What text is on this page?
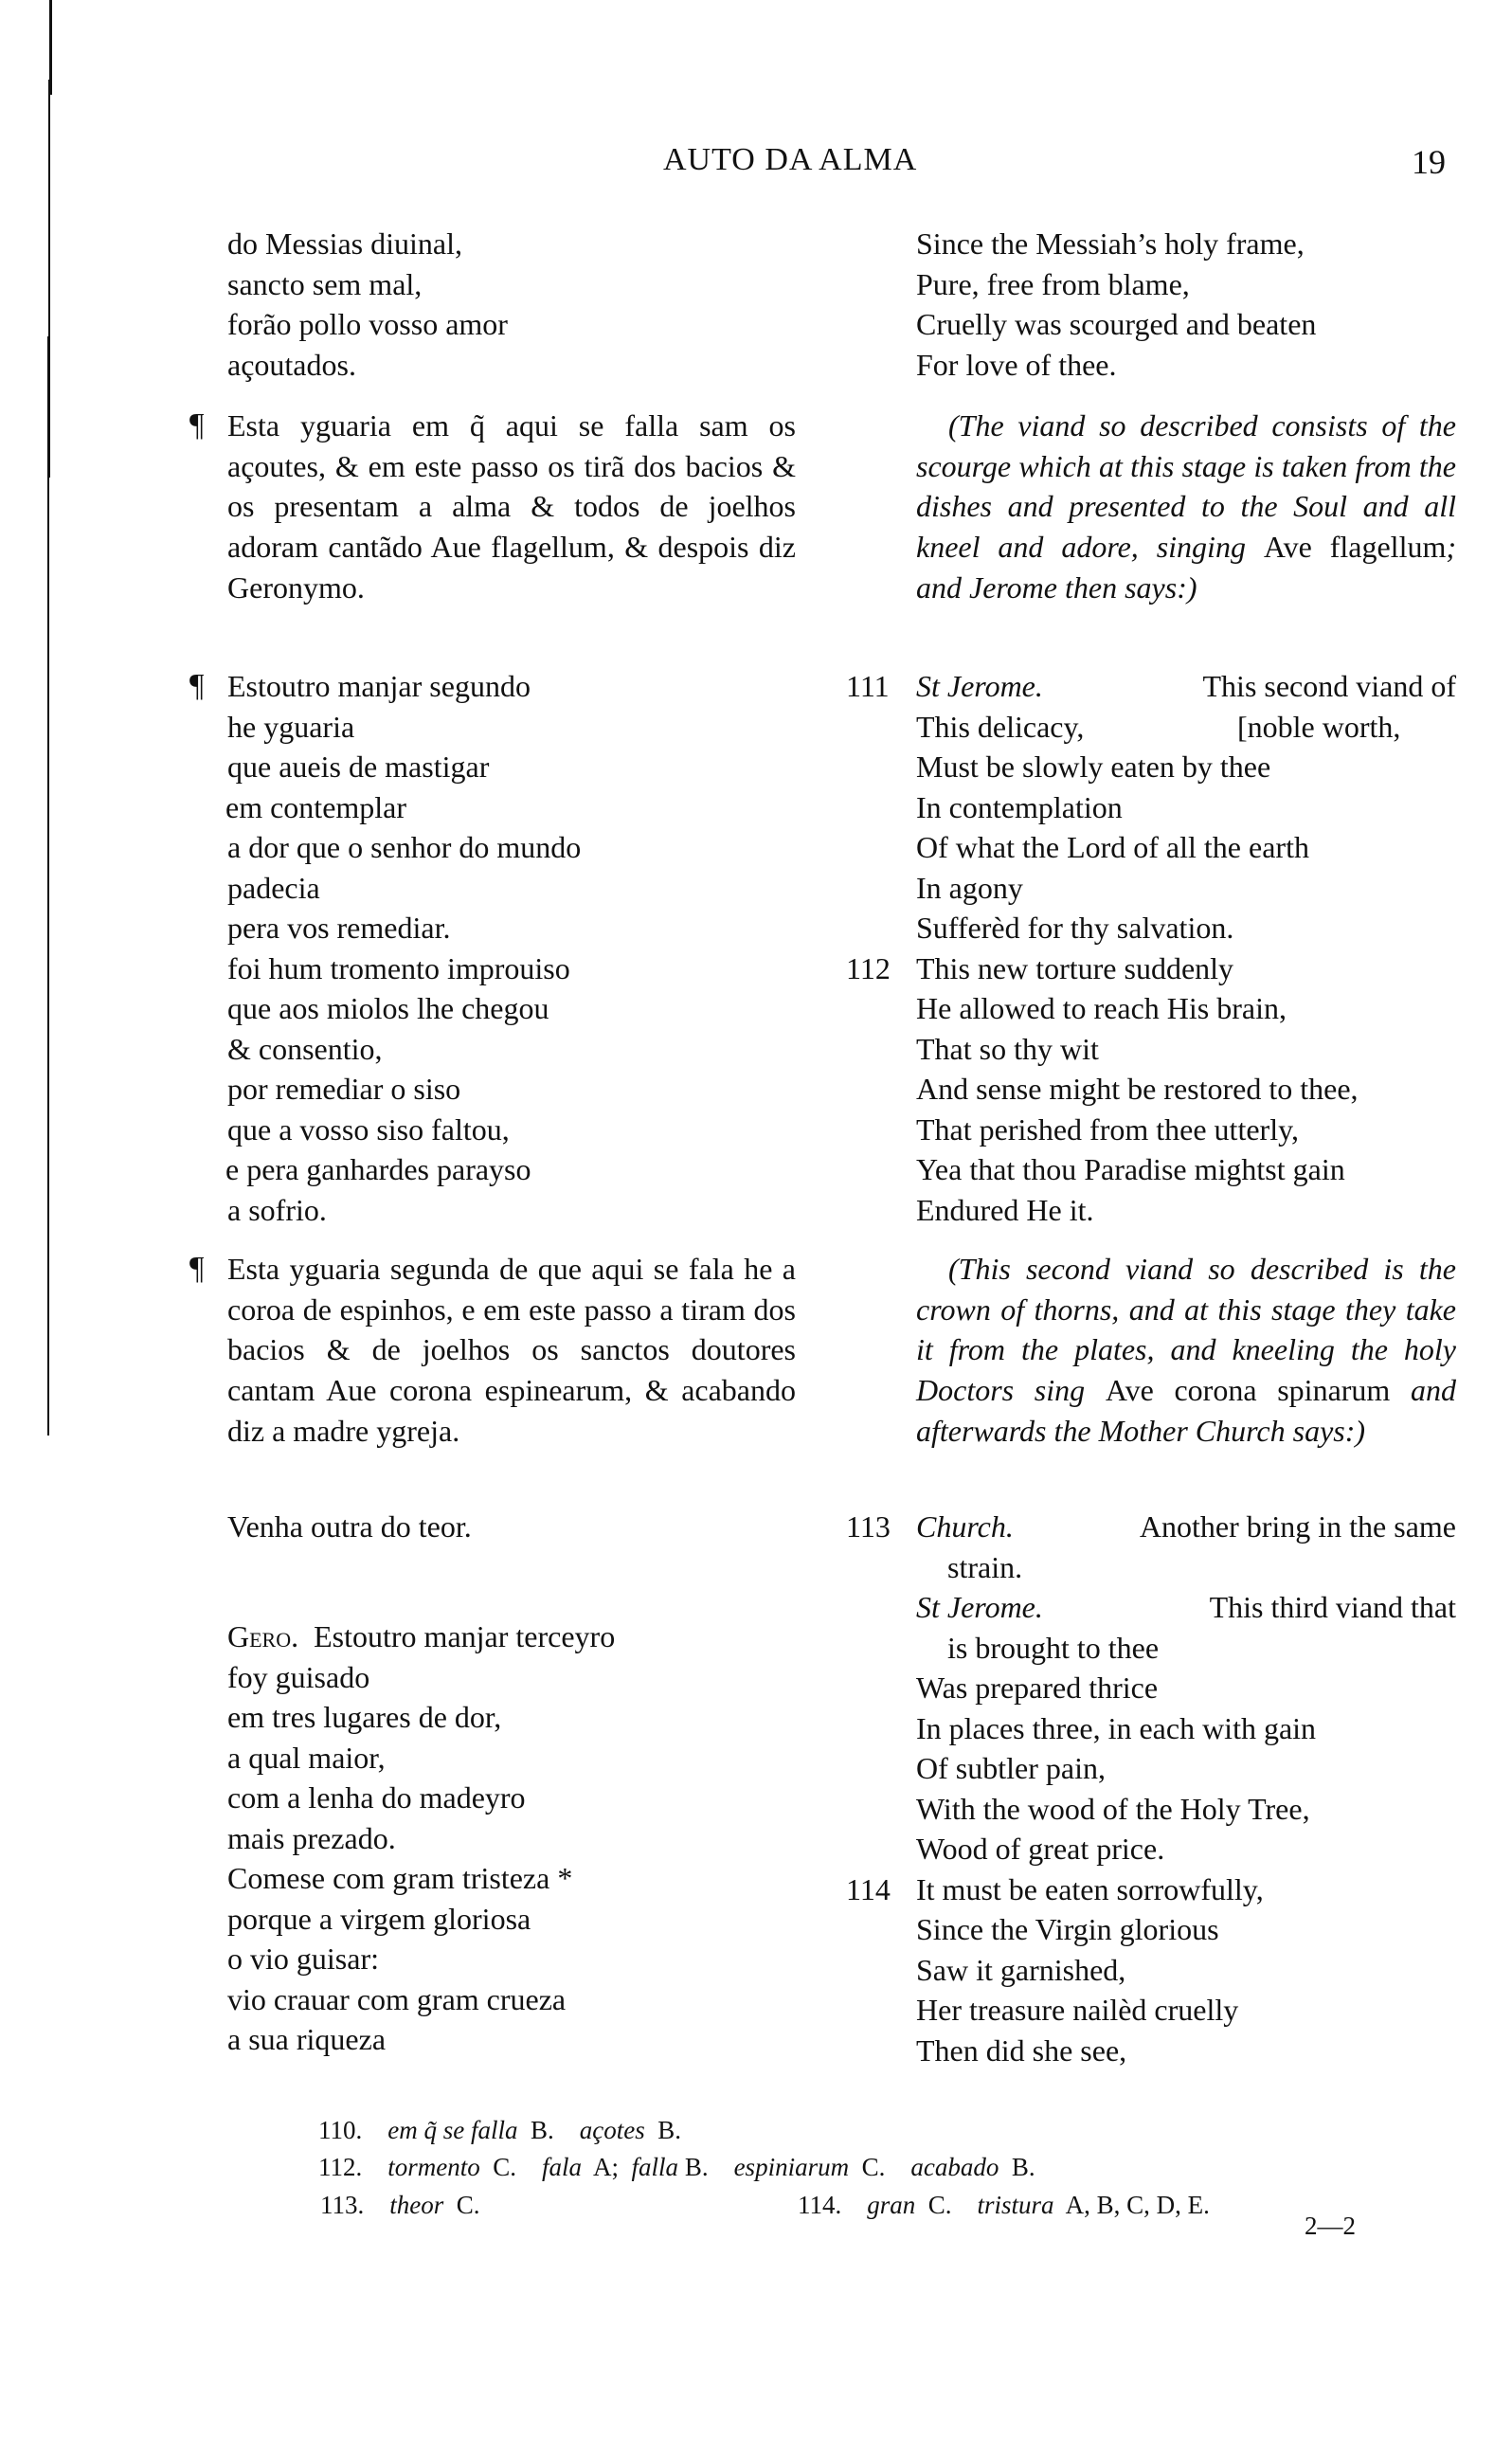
AUTO DA ALMA	19
do Messias diuinal,
sancto sem mal,
forão pollo vosso amor
açoutados.
¶ Esta yguaria em q̃ aqui se falla sam os açoutes, & em este passo os tirã dos bacios & os presentam a alma & todos de joelhos adoram cantãdo Aue flagellum, & despois diz Geronymo.
¶ Estoutro manjar segundo
he yguaria
que aueis de mastigar
em contemplar
a dor que o senhor do mundo
padecia
pera vos remediar.
foi hum tromento improuiso
que aos miolos lhe chegou
& consentio,
por remediar o siso
que a vosso siso faltou,
e pera ganhardes parayso
a sofrio.
¶ Esta yguaria segunda de que aqui se fala he a coroa de espinhos, e em este passo a tiram dos bacios & de joelhos os sanctos doutores cantam Aue corona espinearum, & acabando diz a madre ygreja.
Venha outra do teor.
Gero. Estoutro manjar terceyro
foy guisado
em tres lugares de dor,
a qual maior,
com a lenha do madeyro
mais prezado.
Comese com gram tristeza *
porque a virgem gloriosa
o vio guisar:
vio crauar com gram crueza
a sua riqueza
Since the Messiah’s holy frame,
Pure, free from blame,
Cruelly was scourged and beaten
For love of thee.
(The viand so described consists of the scourge which at this stage is taken from the dishes and presented to the Soul and all kneel and adore, singing Ave flagellum; and Jerome then says:)
111 St Jerome.	This second viand of
This delicacy,	[noble worth,
Must be slowly eaten by thee
In contemplation
Of what the Lord of all the earth
In agony
Sufferèd for thy salvation.
112 This new torture suddenly
He allowed to reach His brain,
That so thy wit
And sense might be restored to thee,
That perished from thee utterly,
Yea that thou Paradise mightst gain
Endured He it.
(This second viand so described is the crown of thorns, and at this stage they take it from the plates, and kneeling the holy Doctors sing Ave corona spinarum and afterwards the Mother Church says:)
113 Church.	Another bring in the same
strain.
St Jerome.	This third viand that
is brought to thee
Was prepared thrice
In places three, in each with gain
Of subtler pain,
With the wood of the Holy Tree,
Wood of great price.
114 It must be eaten sorrowfully,
Since the Virgin glorious
Saw it garnished,
Her treasure nailèd cruelly
Then did she see,
110. em q̃ se falla B. açotes B.
112. tormento C. fala A; falla B. espiniarum C. acabado B.
113. theor C.	114. gran C. tristura A, B, C, D, E.
2—2
